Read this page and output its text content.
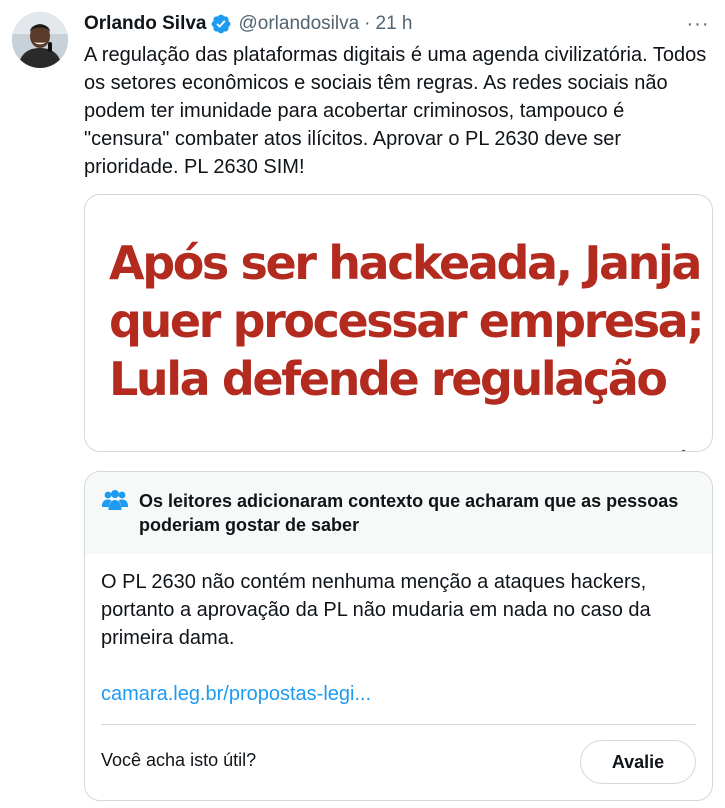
Orlando Silva @orlandosilva · 21 h	···

A regulação das plataformas digitais é uma agenda civilizatória. Todos os setores econômicos e sociais têm regras. As redes sociais não podem ter imunidade para acobertar criminosos, tampouco é "censura" combater atos ilícitos. Aprovar o PL 2630 deve ser prioridade. PL 2630 SIM!

Após ser hackeada, Janja quer processar empresa; Lula defende regulação
Os leitores adicionaram contexto que acharam que as pessoas poderiam gostar de saber
O PL 2630 não contém nenhuma menção a ataques hackers, portanto a aprovação da PL não mudaria em nada no caso da primeira dama.
camara.leg.br/propostas-legi...
Você acha isto útil?	Avalie
